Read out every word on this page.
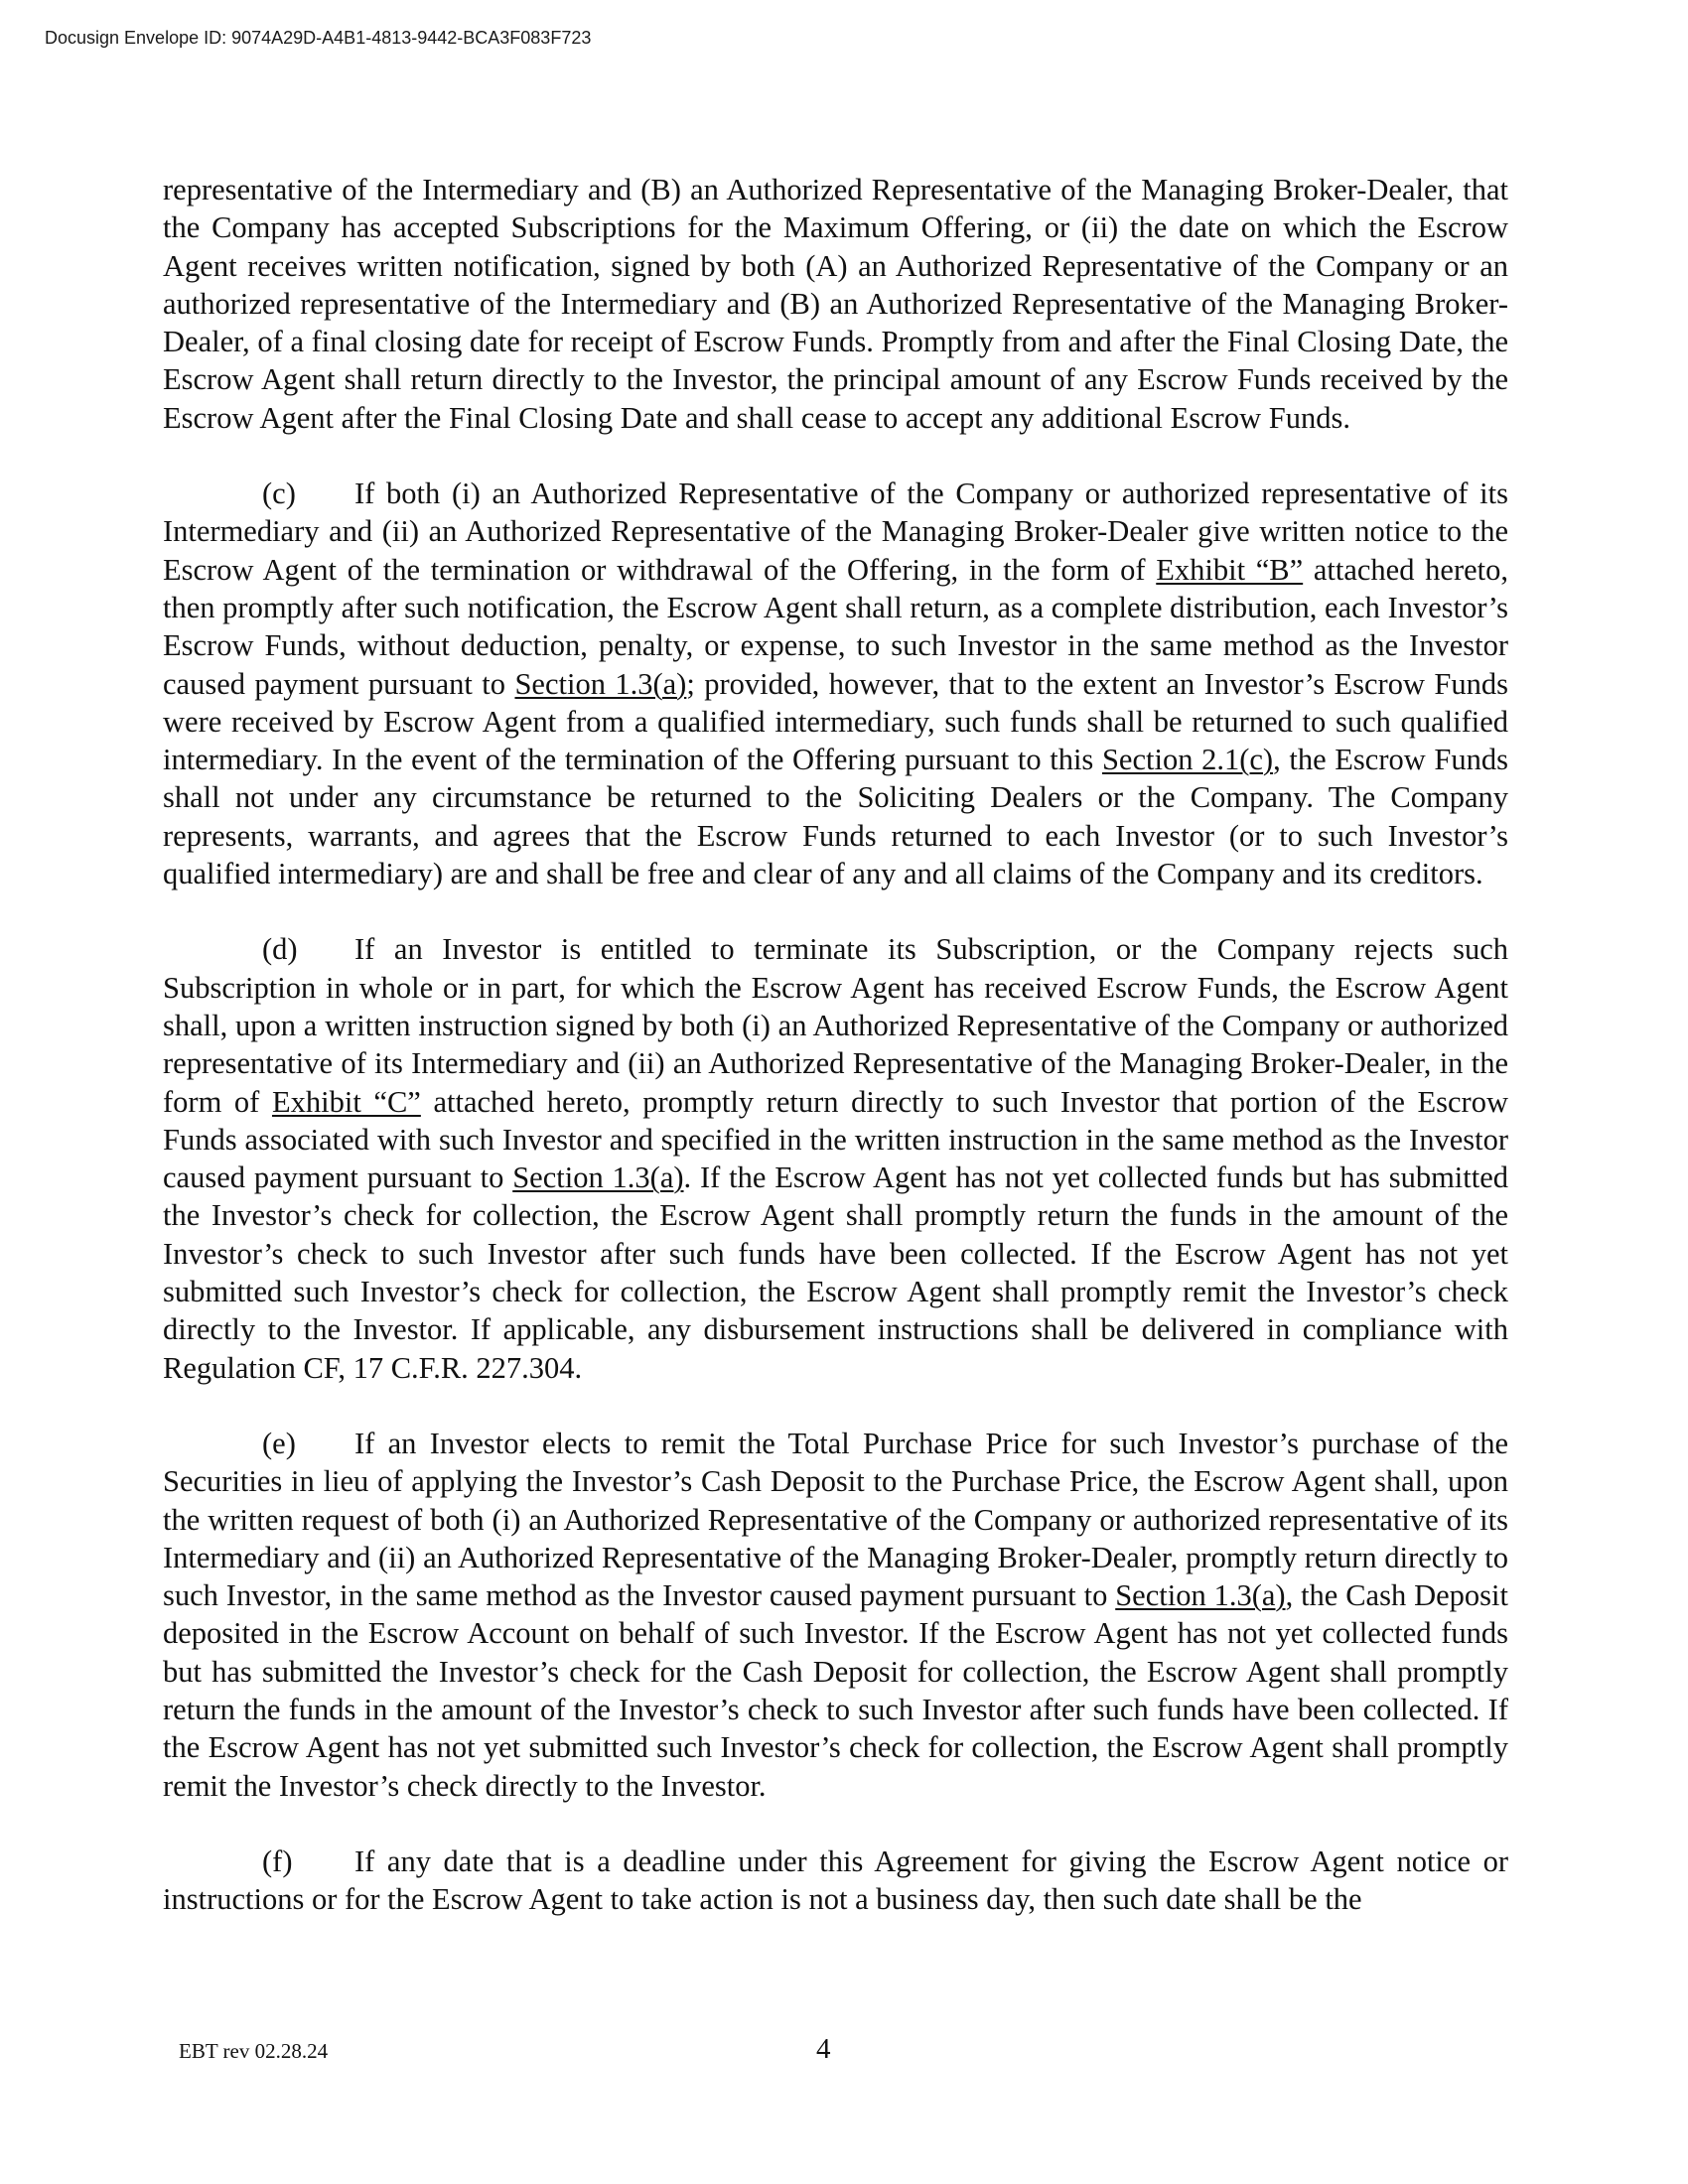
Docusign Envelope ID: 9074A29D-A4B1-4813-9442-BCA3F083F723

representative of the Intermediary and (B) an Authorized Representative of the Managing Broker-Dealer, that the Company has accepted Subscriptions for the Maximum Offering, or (ii) the date on which the Escrow Agent receives written notification, signed by both (A) an Authorized Representative of the Company or an authorized representative of the Intermediary and (B) an Authorized Representative of the Managing Broker-Dealer, of a final closing date for receipt of Escrow Funds. Promptly from and after the Final Closing Date, the Escrow Agent shall return directly to the Investor, the principal amount of any Escrow Funds received by the Escrow Agent after the Final Closing Date and shall cease to accept any additional Escrow Funds.

(c) If both (i) an Authorized Representative of the Company or authorized representative of its Intermediary and (ii) an Authorized Representative of the Managing Broker-Dealer give written notice to the Escrow Agent of the termination or withdrawal of the Offering, in the form of Exhibit “B” attached hereto, then promptly after such notification, the Escrow Agent shall return, as a complete distribution, each Investor’s Escrow Funds, without deduction, penalty, or expense, to such Investor in the same method as the Investor caused payment pursuant to Section 1.3(a); provided, however, that to the extent an Investor’s Escrow Funds were received by Escrow Agent from a qualified intermediary, such funds shall be returned to such qualified intermediary. In the event of the termination of the Offering pursuant to this Section 2.1(c), the Escrow Funds shall not under any circumstance be returned to the Soliciting Dealers or the Company. The Company represents, warrants, and agrees that the Escrow Funds returned to each Investor (or to such Investor’s qualified intermediary) are and shall be free and clear of any and all claims of the Company and its creditors.

(d) If an Investor is entitled to terminate its Subscription, or the Company rejects such Subscription in whole or in part, for which the Escrow Agent has received Escrow Funds, the Escrow Agent shall, upon a written instruction signed by both (i) an Authorized Representative of the Company or authorized representative of its Intermediary and (ii) an Authorized Representative of the Managing Broker-Dealer, in the form of Exhibit “C” attached hereto, promptly return directly to such Investor that portion of the Escrow Funds associated with such Investor and specified in the written instruction in the same method as the Investor caused payment pursuant to Section 1.3(a). If the Escrow Agent has not yet collected funds but has submitted the Investor’s check for collection, the Escrow Agent shall promptly return the funds in the amount of the Investor’s check to such Investor after such funds have been collected. If the Escrow Agent has not yet submitted such Investor’s check for collection, the Escrow Agent shall promptly remit the Investor’s check directly to the Investor. If applicable, any disbursement instructions shall be delivered in compliance with Regulation CF, 17 C.F.R. 227.304.

(e) If an Investor elects to remit the Total Purchase Price for such Investor’s purchase of the Securities in lieu of applying the Investor’s Cash Deposit to the Purchase Price, the Escrow Agent shall, upon the written request of both (i) an Authorized Representative of the Company or authorized representative of its Intermediary and (ii) an Authorized Representative of the Managing Broker-Dealer, promptly return directly to such Investor, in the same method as the Investor caused payment pursuant to Section 1.3(a), the Cash Deposit deposited in the Escrow Account on behalf of such Investor. If the Escrow Agent has not yet collected funds but has submitted the Investor’s check for the Cash Deposit for collection, the Escrow Agent shall promptly return the funds in the amount of the Investor’s check to such Investor after such funds have been collected. If the Escrow Agent has not yet submitted such Investor’s check for collection, the Escrow Agent shall promptly remit the Investor’s check directly to the Investor.

(f) If any date that is a deadline under this Agreement for giving the Escrow Agent notice or instructions or for the Escrow Agent to take action is not a business day, then such date shall be the

EBT rev 02.28.24	4
